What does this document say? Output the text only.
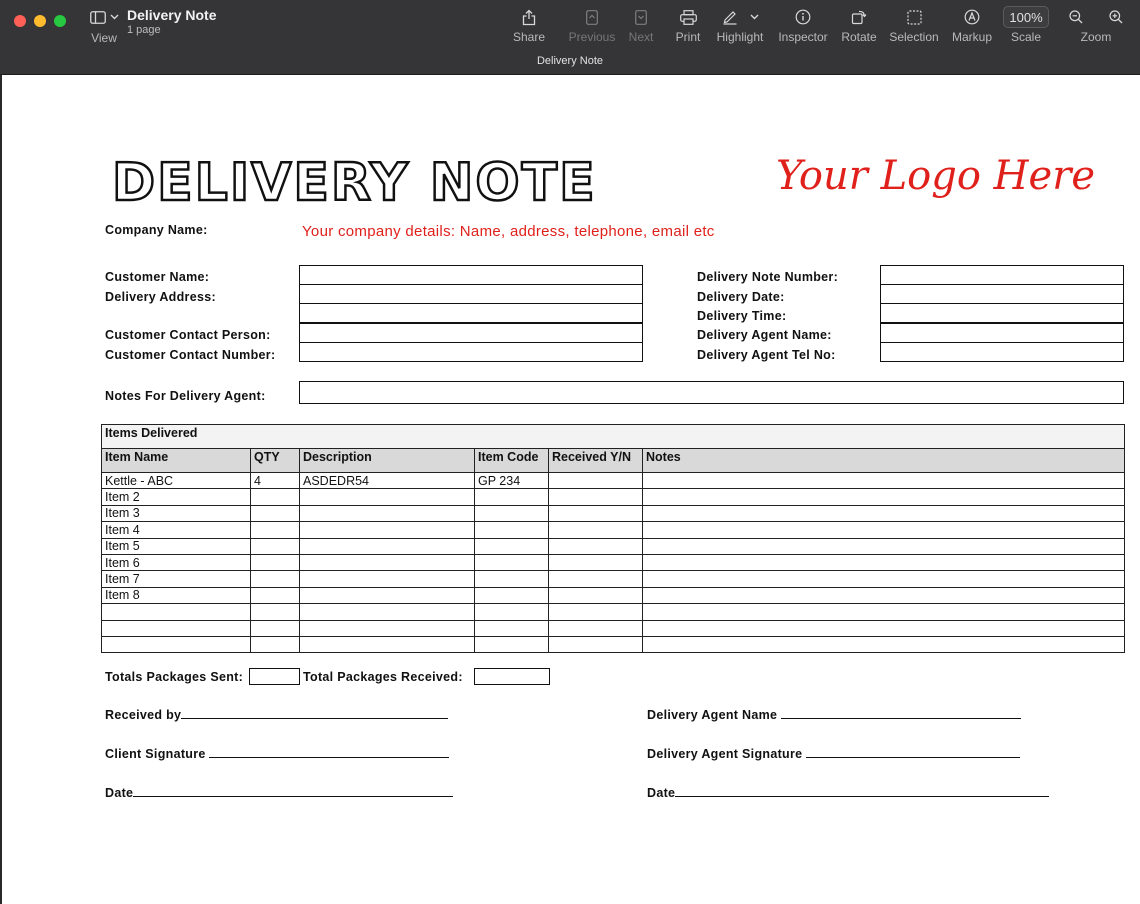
View
Delivery Note
1 page	Share	Previous	Next	Print	Highlight Inspector Rotate Selection Markup
100%
Scale	Zoom
Delivery Note
DELIVERY NOTE	Your Logo Here
Company Name:	Your company details: Name, address, telephone, email etc
Customer Name:
Delivery Address:
Customer Contact Person:
Customer Contact Number:
Delivery Note Number:
Delivery Date:
Delivery Time:
Delivery Agent Name:
Delivery Agent Tel No:
Notes For Delivery Agent:
Items Delivered					
Item Name	QTY	Description	Item Code	Received Y/N	Notes
Kettle - ABC	4	ASDEDR54	GP 234		
Item 2					
Item 3					
Item 4					
Item 5					
Item 6					
Item 7					
Item 8					

Totals Packages Sent:	Total Packages Received:
Received by
Client Signature
Date
Delivery Agent Name
Delivery Agent Signature
Date
